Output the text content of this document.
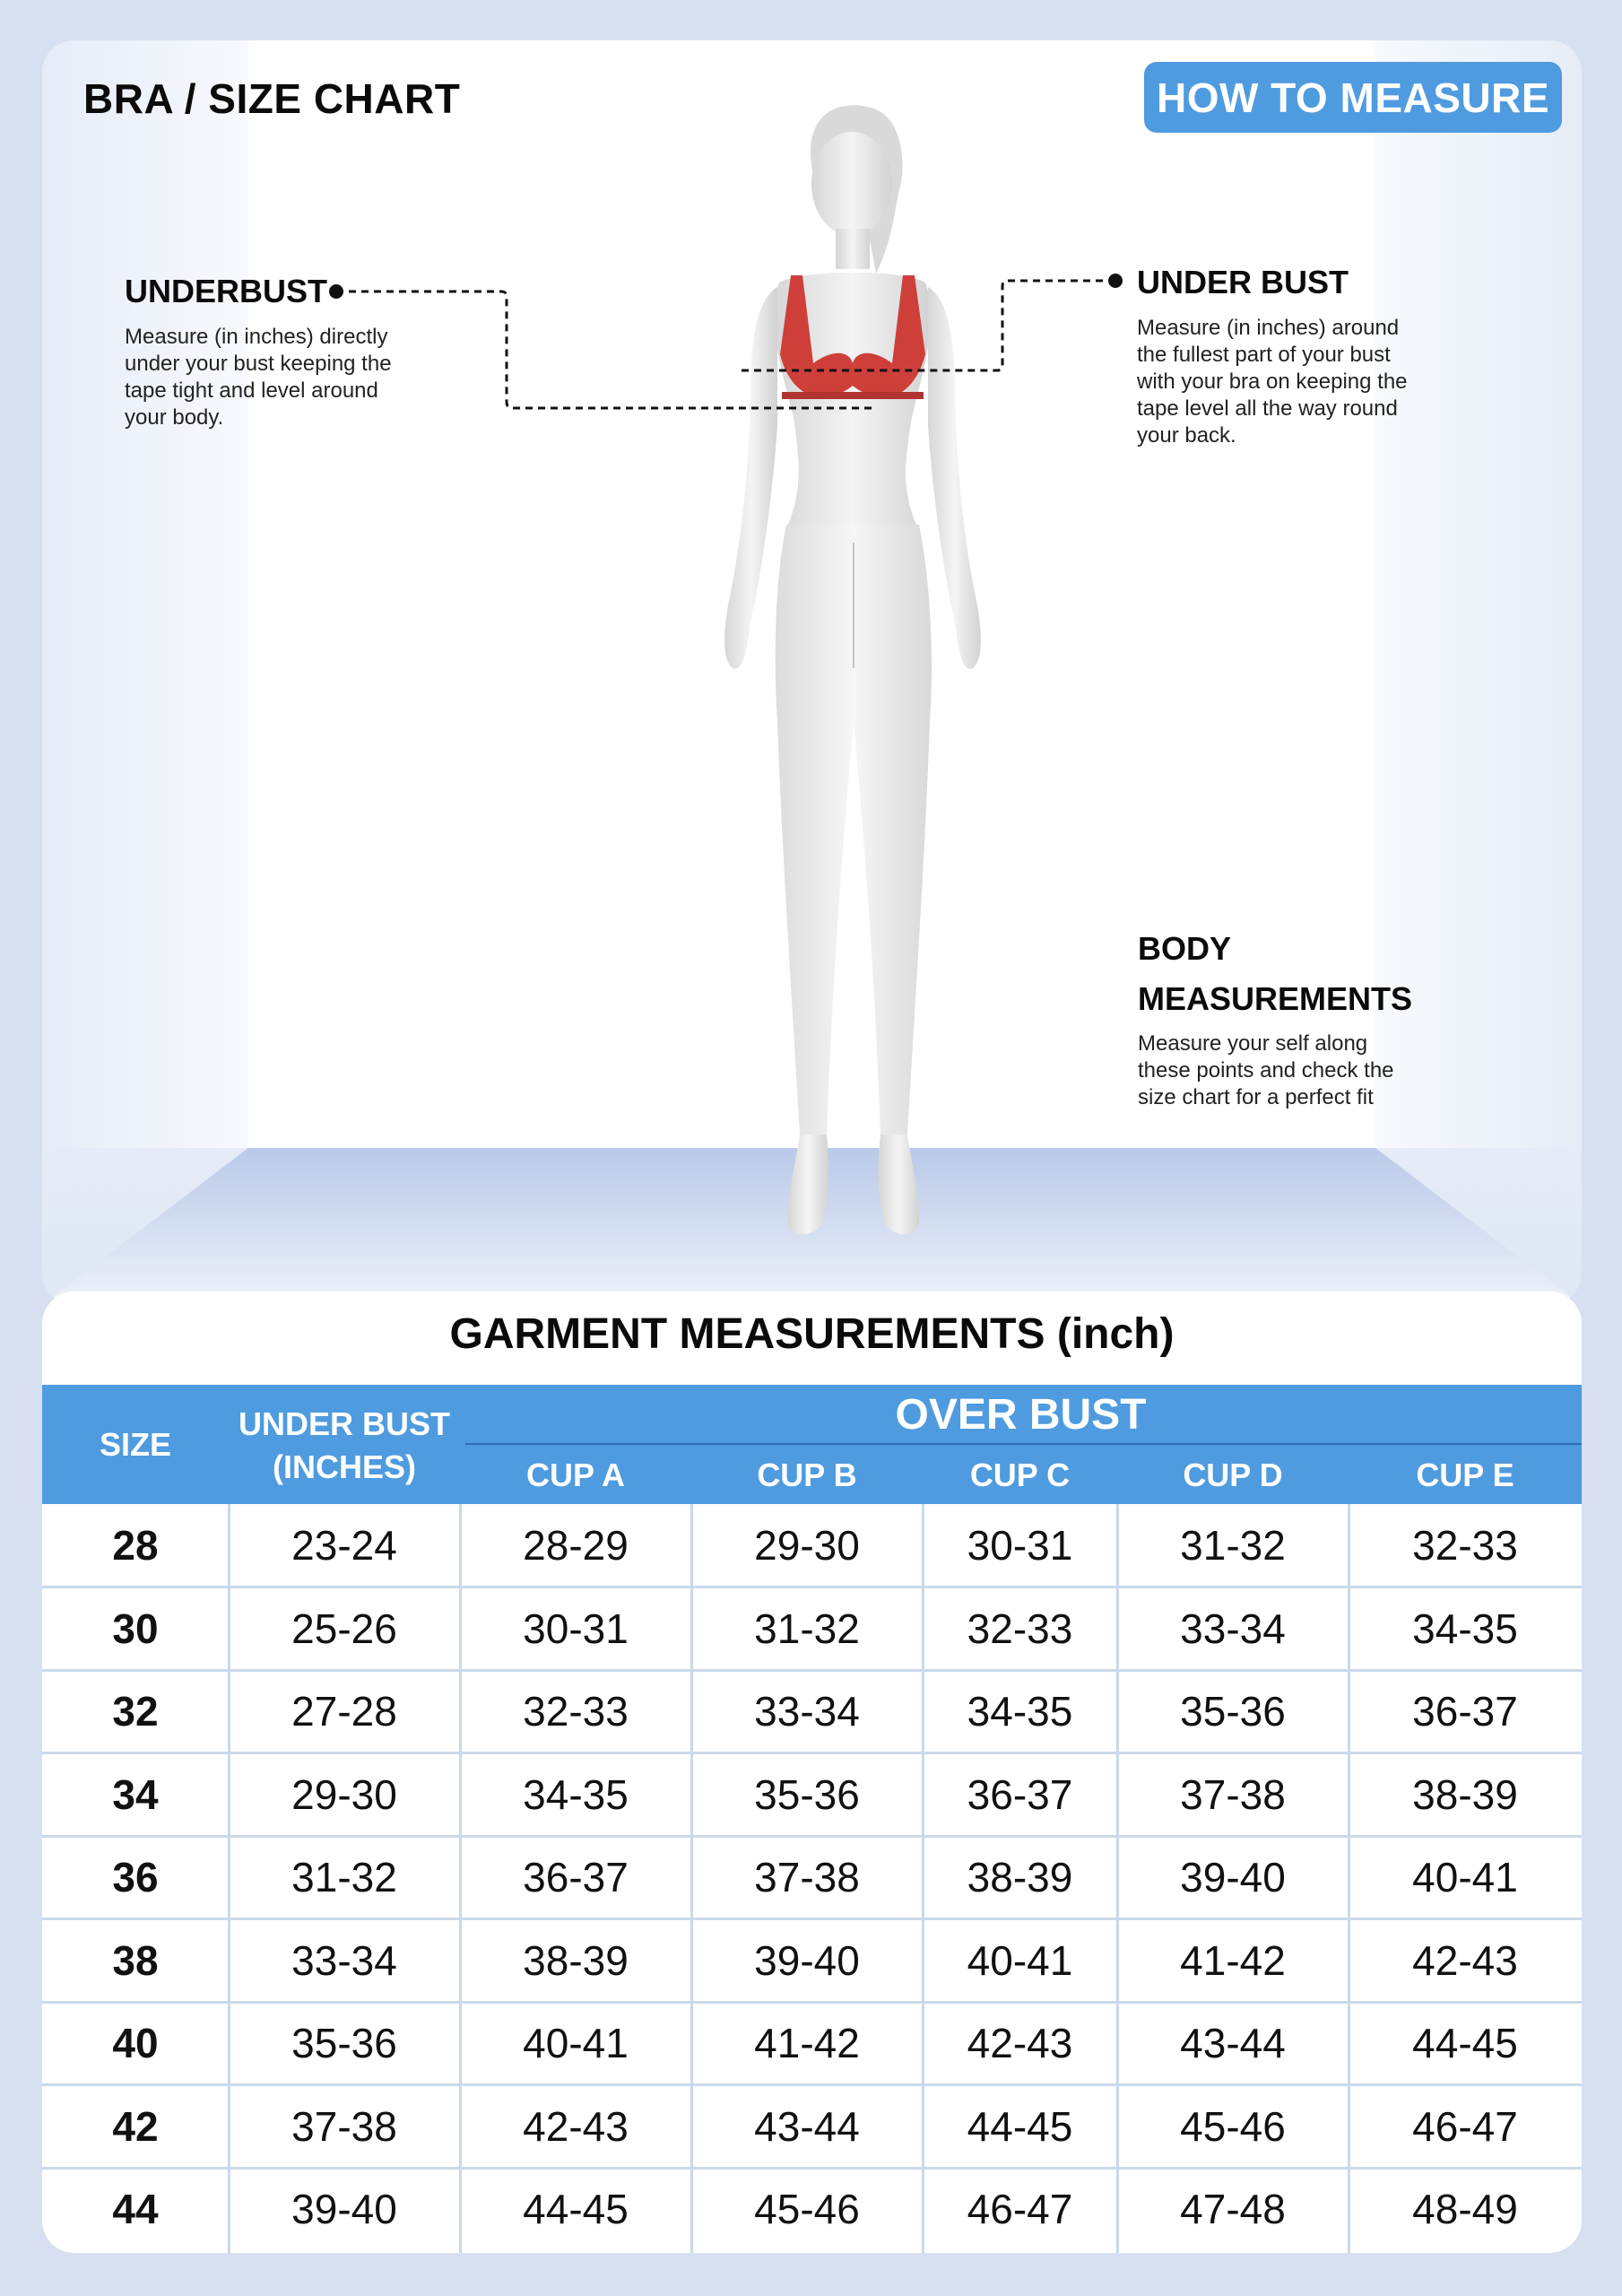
BRA / SIZE CHART	HOW TO MEASURE
UNDERBUST
Measure (in inches) directly
under your bust keeping the
tape tight and level around
your body.
UNDER BUST
Measure (in inches) around
the fullest part of your bust
with your bra on keeping the
tape level all the way round
your back.
BODY
MEASUREMENTS
Measure your self along
these points and check the
size chart for a perfect fit
GARMENT MEASUREMENTS (inch)
SIZE
UNDER BUST
(INCHES)
OVER BUST
CUP A	CUP B	CUP C	CUP D	CUP E
28	23-24	28-29	29-30	30-31	31-32	32-33
30	25-26	30-31	31-32	32-33	33-34	34-35
32	27-28	32-33	33-34	34-35	35-36	36-37
34	29-30	34-35	35-36	36-37	37-38	38-39
36	31-32	36-37	37-38	38-39	39-40	40-41
38	33-34	38-39	39-40	40-41	41-42	42-43
40	35-36	40-41	41-42	42-43	43-44	44-45
42	37-38	42-43	43-44	44-45	45-46	46-47
44	39-40	44-45	45-46	46-47	47-48	48-49
